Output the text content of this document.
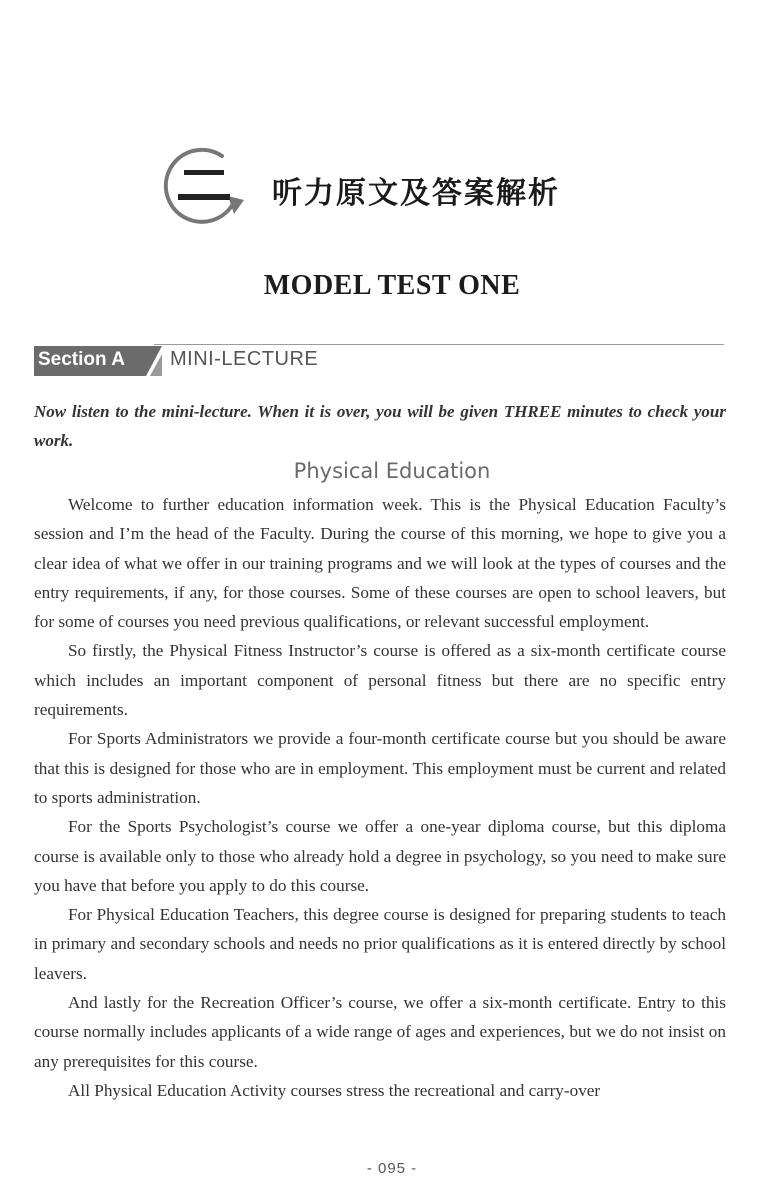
听力原文及答案解析
MODEL TEST ONE
Section A MINI-LECTURE
Now listen to the mini-lecture. When it is over, you will be given THREE minutes to check your work.
Physical Education

Welcome to further education information week. This is the Physical Education Faculty’s session and I’m the head of the Faculty. During the course of this morning, we hope to give you a clear idea of what we offer in our training programs and we will look at the types of courses and the entry requirements, if any, for those courses. Some of these courses are open to school leavers, but for some of courses you need previous qualifications, or relevant successful employment.

So firstly, the Physical Fitness Instructor’s course is offered as a six-month certificate course which includes an important component of personal fitness but there are no specific entry requirements.

For Sports Administrators we provide a four-month certificate course but you should be aware that this is designed for those who are in employment. This employment must be current and related to sports administration.

For the Sports Psychologist’s course we offer a one-year diploma course, but this diploma course is available only to those who already hold a degree in psychology, so you need to make sure you have that before you apply to do this course.

For Physical Education Teachers, this degree course is designed for preparing students to teach in primary and secondary schools and needs no prior qualifications as it is entered directly by school leavers.

And lastly for the Recreation Officer’s course, we offer a six-month certificate. Entry to this course normally includes applicants of a wide range of ages and experiences, but we do not insist on any prerequisites for this course.

All Physical Education Activity courses stress the recreational and carry-over

- 095 -
